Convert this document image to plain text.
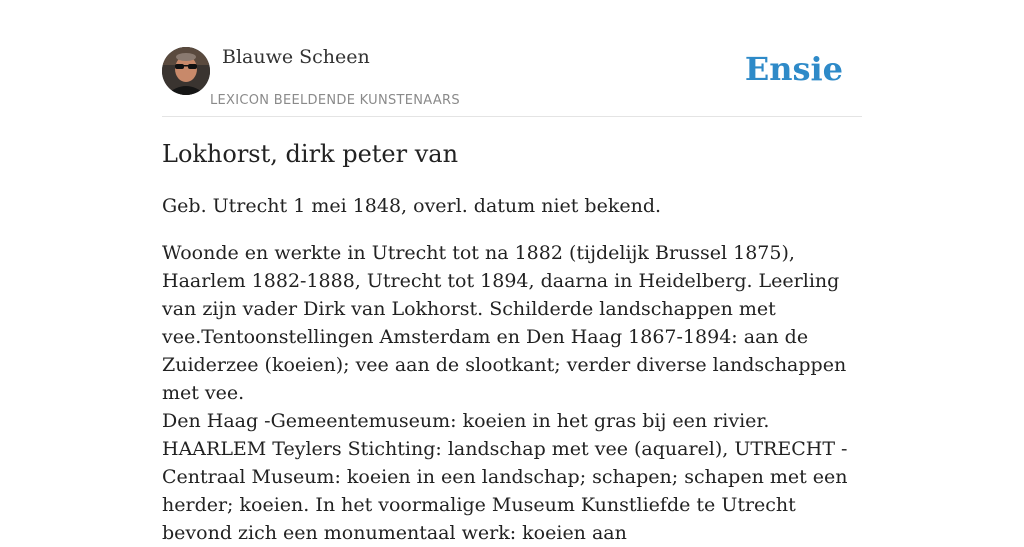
Blauwe Scheen
LEXICON BEELDENDE KUNSTENAARS
Ensie
Lokhorst, dirk peter van

Geb. Utrecht 1 mei 1848, overl. datum niet bekend.

Woonde en werkte in Utrecht tot na 1882 (tijdelijk Brussel 1875), Haarlem 1882-1888, Utrecht tot 1894, daarna in Heidelberg. Leerling van zijn vader Dirk van Lokhorst. Schilderde landschappen met vee.Tentoonstellingen Amsterdam en Den Haag 1867-1894: aan de Zuiderzee (koeien); vee aan de slootkant; verder diverse landschappen met vee.

Den Haag -Gemeentemuseum: koeien in het gras bij een rivier. HAARLEM Teylers Stichting: landschap met vee (aquarel), UTRECHT -Centraal Museum: koeien in een landschap; schapen; schapen met een herder; koeien. In het voormalige Museum Kunstliefde te Utrecht bevond zich een monumentaal werk: koeien aan
